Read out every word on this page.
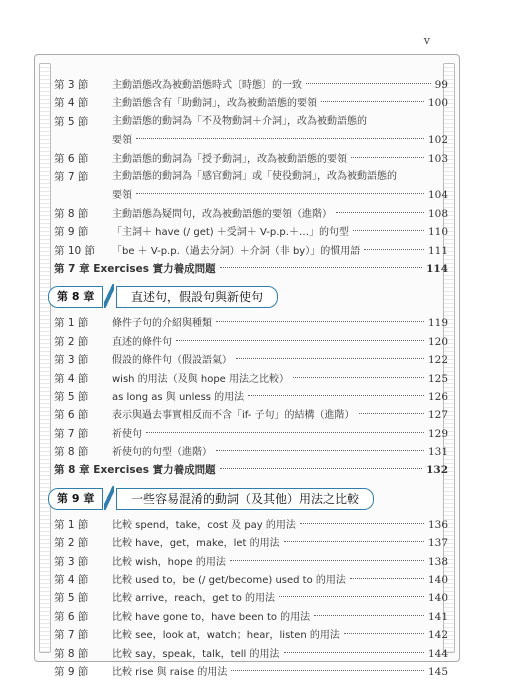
v
第 3 節	主動語態改為被動語態時式〔時態〕的一致	99
第 4 節	主動語態含有「助動詞」，改為被動語態的要領	100
第 5 節	主動語態的動詞為「不及物動詞＋介詞」，改為被動語態的
要領	102
第 6 節	主動語態的動詞為「授予動詞」，改為被動語態的要領	103
第 7 節	主動語態的動詞為「感官動詞」或「使役動詞」，改為被動語態的
要領	104
第 8 節	主動語態為疑問句，改為被動語態的要領（進階）	108
第 9 節	「主詞＋ have (/ get) ＋受詞＋ V-p.p.＋…」的句型	110
第 10 節	「be ＋ V-p.p.（過去分詞）＋介詞（非 by）」的慣用語	111
第 7 章 Exercises 實力養成問題	114
第 8 章	直述句，假設句與新使句
第 1 節	條件子句的介紹與種類	119
第 2 節	直述的條件句	120
第 3 節	假設的條件句（假設語氣）	122
第 4 節	wish 的用法（及與 hope 用法之比較）	125
第 5 節	as long as 與 unless 的用法	126
第 6 節	表示與過去事實相反而不含「if- 子句」的結構（進階）	127
第 7 節	祈使句	129
第 8 節	祈使句的句型（進階）	131
第 8 章 Exercises 實力養成問題	132
第 9 章	一些容易混淆的動詞（及其他）用法之比較
第 1 節	比較 spend，take，cost 及 pay 的用法	136
第 2 節	比較 have，get，make，let 的用法	137
第 3 節	比較 wish，hope 的用法	138
第 4 節	比較 used to，be (/ get/become) used to 的用法	140
第 5 節	比較 arrive，reach，get to 的用法	140
第 6 節	比較 have gone to，have been to 的用法	141
第 7 節	比較 see，look at，watch；hear，listen 的用法	142
第 8 節	比較 say，speak，talk，tell 的用法	144
第 9 節	比較 rise 與 raise 的用法	145
